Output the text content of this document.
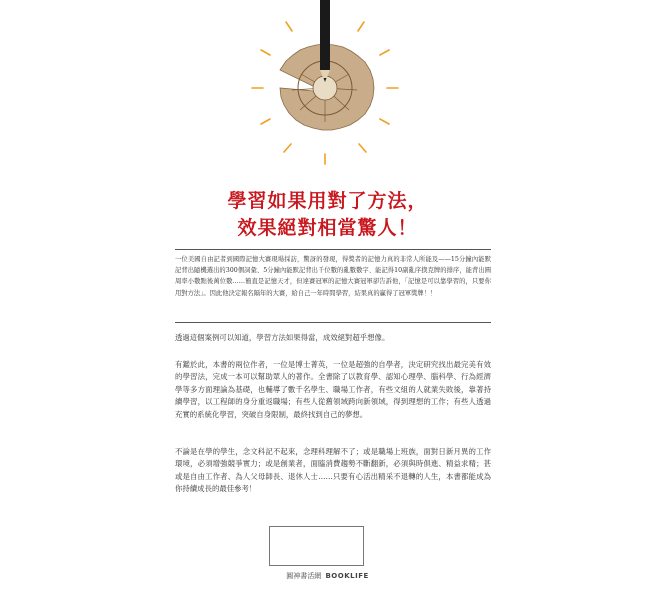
學習如果用對了方法，
效果絕對相當驚人！

一位美國自由記者到國際記憶大賽現場採訪，驚訝的發現，得獎者的記憶力真的非常人所能及——15分鐘內能默記背出隨機選出的300個詞彙、5分鐘內能默記背出千位數的亂數數字、能記得10副亂序撲克牌的排序，能背出圓周率小數點後萬位數……簡直是記憶天才，但達賽冠軍的記憶大賽冠軍卻告訴他，「記憶是可以靠學習的，只要你用對方法」。因此他決定報名隔年的大賽，給自己一年時間學習，結果真的贏得了冠軍獎牌！！

透過這個案例可以知道，學習方法如果得當，成效絕對超乎想像。

有鑑於此，本書的兩位作者，一位是博士菁英，一位是超強的自學者，決定研究找出最完美有效的學習法，完成一本可以幫助眾人的著作。全書除了以教育學、認知心理學、腦科學、行為經濟學等多方面理論為基礎，也輔導了數千名學生、職場工作者，有些文組的人就業失敗後，靠著持續學習，以工程師的身分重返職場；有些人從舊領域跨向新領域，得到理想的工作；有些人透過充實的系統化學習，突破自身限制，最終找到自己的夢想。

不論是在學的學生，念文科記不起來，念理科理解不了；或是職場上班族，面對日新月異的工作環境，必須增強競爭實力；或是創業者，面臨消費趨勢不斷翻新，必須與時俱進、精益求精；甚或是自由工作者、為人父母師長、退休人士……只要有心活出精采不退轉的人生，本書都能成為你持續成長的最佳參考！

圓神書活網 BOOKLIFE
